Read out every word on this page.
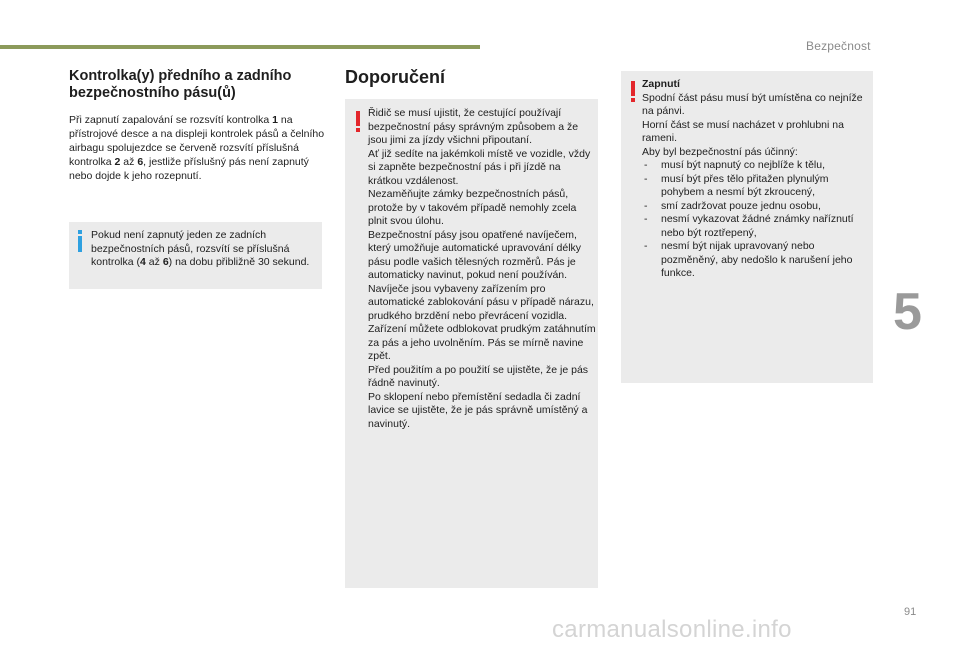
Bezpečnost
5
91
carmanualsonline.info
Kontrolka(y) předního a zadního bezpečnostního pásu(ů)
Při zapnutí zapalování se rozsvítí kontrolka 1 na přístrojové desce a na displeji kontrolek pásů a čelního airbagu spolujezdce se červeně rozsvítí příslušná kontrolka 2 až 6, jestliže příslušný pás není zapnutý nebo dojde k jeho rozepnutí.
Pokud není zapnutý jeden ze zadních bezpečnostních pásů, rozsvítí se příslušná kontrolka (4 až 6) na dobu přibližně 30 sekund.
Doporučení
Řidič se musí ujistit, že cestující používají bezpečnostní pásy správným způsobem a že jsou jimi za jízdy všichni připoutaní.
Ať již sedíte na jakémkoli místě ve vozidle, vždy si zapněte bezpečnostní pás i při jízdě na krátkou vzdálenost.
Nezaměňujte zámky bezpečnostních pásů, protože by v takovém případě nemohly zcela plnit svou úlohu.
Bezpečnostní pásy jsou opatřené navíječem, který umožňuje automatické upravování délky pásu podle vašich tělesných rozměrů. Pás je automaticky navinut, pokud není používán.
Navíječe jsou vybaveny zařízením pro automatické zablokování pásu v případě nárazu, prudkého brzdění nebo převrácení vozidla. Zařízení můžete odblokovat prudkým zatáhnutím za pás a jeho uvolněním. Pás se mírně navine zpět.
Před použitím a po použití se ujistěte, že je pás řádně navinutý.
Po sklopení nebo přemístění sedadla či zadní lavice se ujistěte, že je pás správně umístěný a navinutý.
Zapnutí
Spodní část pásu musí být umístěna co nejníže na pánvi.
Horní část se musí nacházet v prohlubni na rameni.
Aby byl bezpečnostní pás účinný:
- musí být napnutý co nejblíže k tělu,
- musí být přes tělo přitažen plynulým pohybem a nesmí být zkroucený,
- smí zadržovat pouze jednu osobu,
- nesmí vykazovat žádné známky naříznutí nebo být roztřepený,
- nesmí být nijak upravovaný nebo pozměněný, aby nedošlo k narušení jeho funkce.
